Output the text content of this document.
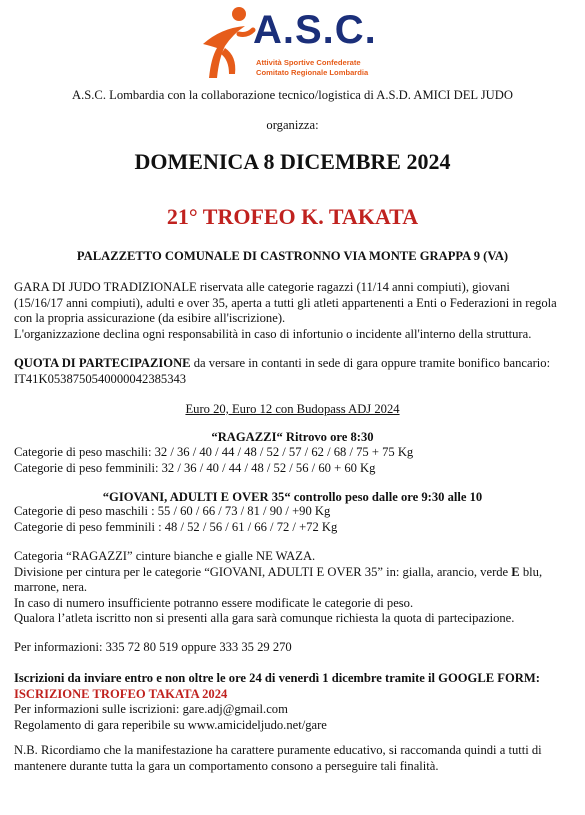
A.S.C.
Attività Sportive Confederate
Comitato Regionale Lombardia
A.S.C. Lombardia con la collaborazione tecnico/logistica di A.S.D. AMICI DEL JUDO
organizza:
DOMENICA 8 DICEMBRE 2024
21° TROFEO K. TAKATA
PALAZZETTO COMUNALE DI CASTRONNO VIA MONTE GRAPPA 9 (VA)
GARA DI JUDO TRADIZIONALE riservata alle categorie ragazzi (11/14 anni compiuti), giovani
(15/16/17 anni compiuti), adulti e over 35, aperta a tutti gli atleti appartenenti a Enti o Federazioni in regola
con la propria assicurazione (da esibire all'iscrizione).
L'organizzazione declina ogni responsabilità in caso di infortunio o incidente all'interno della struttura.
QUOTA DI PARTECIPAZIONE da versare in contanti in sede di gara oppure tramite bonifico bancario:
IT41K0538750540000042385343
Euro 20, Euro 12 con Budopass ADJ 2024
“RAGAZZI“ Ritrovo ore 8:30
Categorie di peso maschili: 32 / 36 / 40 / 44 / 48 / 52 / 57 / 62 / 68 / 75 + 75 Kg
Categorie di peso femminili: 32 / 36 / 40 / 44 / 48 / 52 / 56 / 60 + 60 Kg
“GIOVANI, ADULTI E OVER 35“ controllo peso dalle ore 9:30 alle 10
Categorie di peso maschili : 55 / 60 / 66 / 73 / 81 / 90 / +90 Kg
Categorie di peso femminili : 48 / 52 / 56 / 61 / 66 / 72 / +72 Kg
Categoria “RAGAZZI” cinture bianche e gialle NE WAZA.
Divisione per cintura per le categorie “GIOVANI, ADULTI E OVER 35” in: gialla, arancio, verde E blu,
marrone, nera.
In caso di numero insufficiente potranno essere modificate le categorie di peso.
Qualora l’atleta iscritto non si presenti alla gara sarà comunque richiesta la quota di partecipazione.
Per informazioni: 335 72 80 519 oppure 333 35 29 270
Iscrizioni da inviare entro e non oltre le ore 24 di venerdì 1 dicembre tramite il GOOGLE FORM:
ISCRIZIONE TROFEO TAKATA 2024
Per informazioni sulle iscrizioni: gare.adj@gmail.com
Regolamento di gara reperibile su www.amicideljudo.net/gare
N.B. Ricordiamo che la manifestazione ha carattere puramente educativo, si raccomanda quindi a tutti di
mantenere durante tutta la gara un comportamento consono a perseguire tali finalità.
